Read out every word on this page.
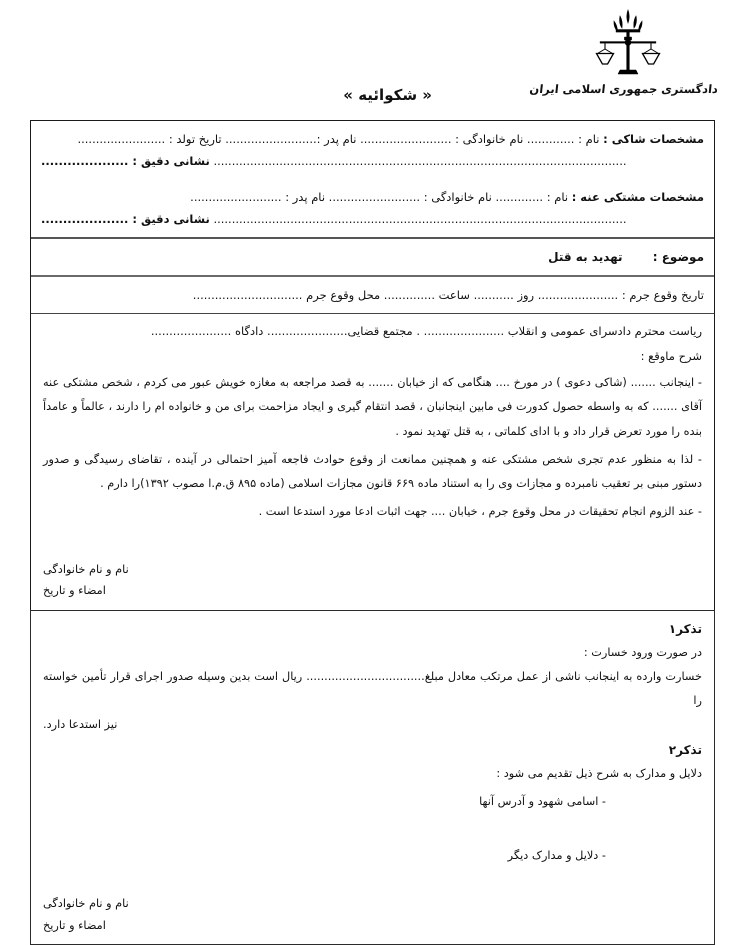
دادگستری جمهوری اسلامی ایران
« شکوائیه »
مشخصات شاکی : نام : ............. نام خانوادگی : ......................... نام پدر :......................... تاریخ تولد : ........................
................................................................................................................. نشانی دقیق : ....................
مشخصات مشتکی عنه : نام : ............. نام خانوادگی : ......................... نام پدر : .........................
................................................................................................................. نشانی دقیق : ....................
موضوع : تهدید به قتل
تاریخ وقوع جرم : ...................... روز ........... ساعت .............. محل وقوع جرم ..............................
ریاست محترم دادسرای عمومی و انقلاب ...................... . مجتمع قضایی...................... دادگاه ......................
شرح ماوقع :

- اینجانب ....... (شاکی دعوی ) در مورخ .... هنگامی که از خیابان ....... به قصد مراجعه به مغازه خویش عبور می کردم ، شخص مشتکی عنه آقای ....... که به واسطه حصول کدورت فی مابین اینجانبان ، قصد انتقام گیری و ایجاد مزاحمت برای من و خانواده ام را دارند ، عالماً و عامداً بنده را مورد تعرض قرار داد و با ادای کلماتی ، به قتل تهدید نمود .

- لذا به منظور عدم تجری شخص مشتکی عنه و همچنین ممانعت از وقوع حوادث فاجعه آمیز احتمالی در آینده ، تقاضای رسیدگی و صدور دستور مبنی بر تعقیب نامبرده و مجازات وی را به استناد ماده ۶۶۹ قانون مجازات اسلامی (ماده ۸۹۵ ق.م.ا مصوب ۱۳۹۲)را دارم .

- عند الزوم انجام تحقیقات در محل وقوع جرم ، خیابان .... جهت اثبات ادعا مورد استدعا است .

نام و نام خانوادگی
امضاء و تاریخ
تذکر۱
در صورت ورود خسارت :
خسارت وارده به اینجانب ناشی از عمل مرتکب معادل مبلغ................................. ریال است بدین وسیله صدور اجرای قرار تأمین خواسته را
نیز استدعا دارد.
تذکر۲
دلایل و مدارک به شرح ذیل تقدیم می شود :
- اسامی شهود و آدرس آنها
- دلایل و مدارک دیگر
نام و نام خانوادگی
امضاء و تاریخ
